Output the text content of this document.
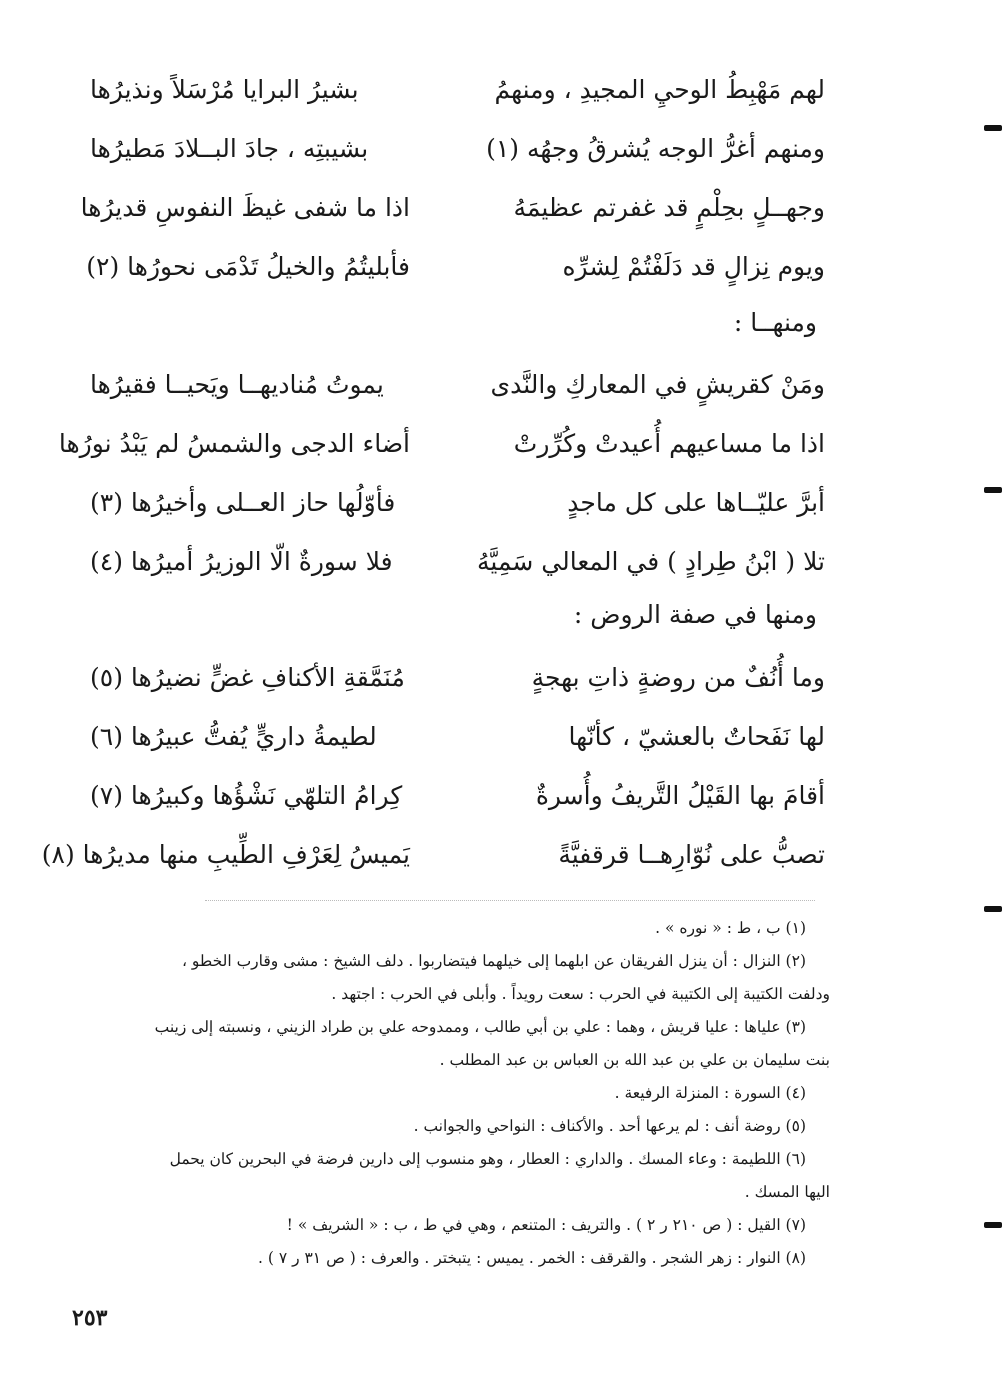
لهم مَهْبِطُ الوحيِ المجيدِ ، ومنهمُ
بشيرُ البرايا مُرْسَلاً ونذيرُها
ومنهم أغرُّ الوجه يُشرقُ وجهُه (١)
بشيبتِه ، جادَ البــلادَ مَطيرُها
وجهــلٍ بحِلْمٍ قد غفرتم عظيمَهُ
اذا ما شفى غيظَ النفوسِ قديرُها
ويوم نِزالٍ قد دَلَفْتُمْ لِشرِّه
فأبليتُمُ والخيلُ تَدْمَى نحورُها (٢)
ومنهــا :
ومَنْ كقريشٍ في المعاركِ والنَّدى
يموتُ مُناديهــا ويَحيــا فقيرُها
اذا ما مساعيهم أُعيدتْ وكُرِّرتْ
أضاء الدجى والشمسُ لم يَبْدُ نورُها
أبرَّ عليّــاها على كل ماجدٍ
فأوّلُها حاز العــلى وأخيرُها (٣)
تلا ( ابْنُ طِرادٍ ) في المعالي سَمِيَّهُ
فلا سورةٌ الّا الوزيرُ أميرُها (٤)
ومنها في صفة الروض :
وما أُنُفٌ من روضةٍ ذاتِ بهجةٍ
مُنَمَّقةِ الأكنافِ غضٍّ نضيرُها (٥)
لها نَفَحاتٌ بالعشيّ ، كأنّها
لطيمةُ داريٍّ يُفتُّ عبيرُها (٦)
أقامَ بها القَيْلُ التَّريفُ وأُسرةٌ
كِرامُ التلهّي نَشْؤُها وكبيرُها (٧)
تصبُّ على نُوّارِهــا قرقفيَّةً
يَميسُ لِعَرْفِ الطِّيبِ منها مديرُها (٨)
(١) ب ، ط : « نوره » .
(٢) النزال : أن ينزل الفريقان عن ابلهما إلى خيلهما فيتضاربوا . دلف الشيخ : مشى وقارب الخطو ،
ودلفت الكتيبة إلى الكتيبة في الحرب : سعت رويداً . وأبلى في الحرب : اجتهد .
(٣) علياها : عليا قريش ، وهما : علي بن أبي طالب ، وممدوحه علي بن طراد الزيني ، ونسبته إلى زينب
بنت سليمان بن علي بن عبد الله بن العباس بن عبد المطلب .
(٤) السورة : المنزلة الرفيعة .
(٥) روضة أنف : لم يرعها أحد . والأكناف : النواحي والجوانب .
(٦) اللطيمة : وعاء المسك . والداري : العطار ، وهو منسوب إلى دارين فرضة في البحرين كان يحمل
اليها المسك .
(٧) القيل : ( ص ٢١٠ ر ٢ ) . والتريف : المتنعم ، وهي في ط ، ب : « الشريف » !
(٨) النوار : زهر الشجر . والقرقف : الخمر . يميس : يتبختر . والعرف : ( ص ٣١ ر ٧ ) .
٢٥٣
